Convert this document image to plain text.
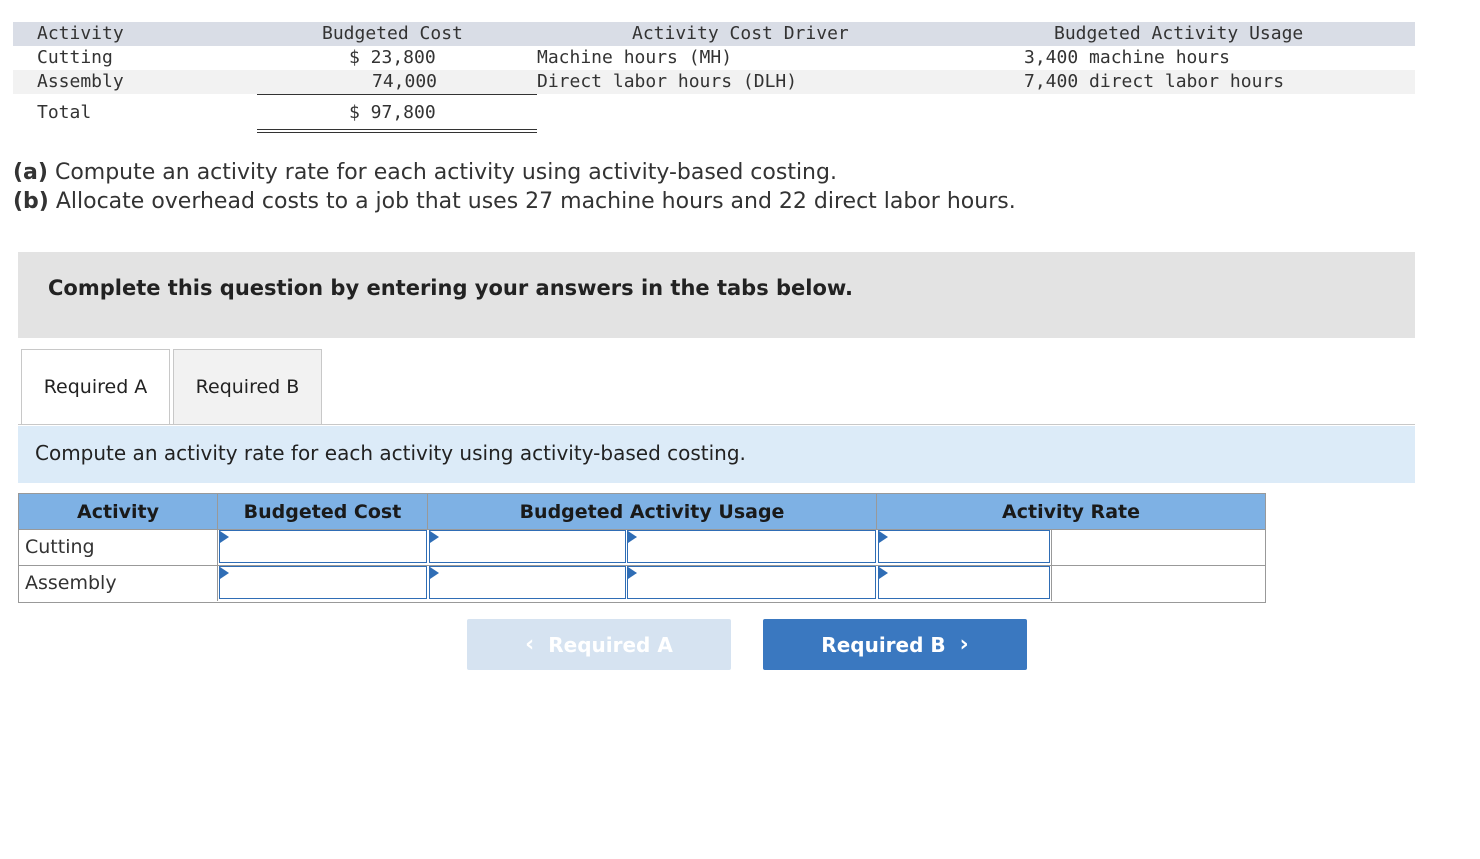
Activity	Budgeted Cost	Activity Cost Driver	Budgeted Activity Usage
Cutting	$ 23,800	Machine hours (MH)	3,400 machine hours
Assembly	74,000	Direct labor hours (DLH)	7,400 direct labor hours
Total	$ 97,800
(a) Compute an activity rate for each activity using activity-based costing.
(b) Allocate overhead costs to a job that uses 27 machine hours and 22 direct labor hours.
Complete this question by entering your answers in the tabs below.
Required A	Required B
Compute an activity rate for each activity using activity-based costing.
Activity	Budgeted Cost	Budgeted Activity Usage	Activity Rate
Cutting
Assembly
‹ Required A	Required B ›
